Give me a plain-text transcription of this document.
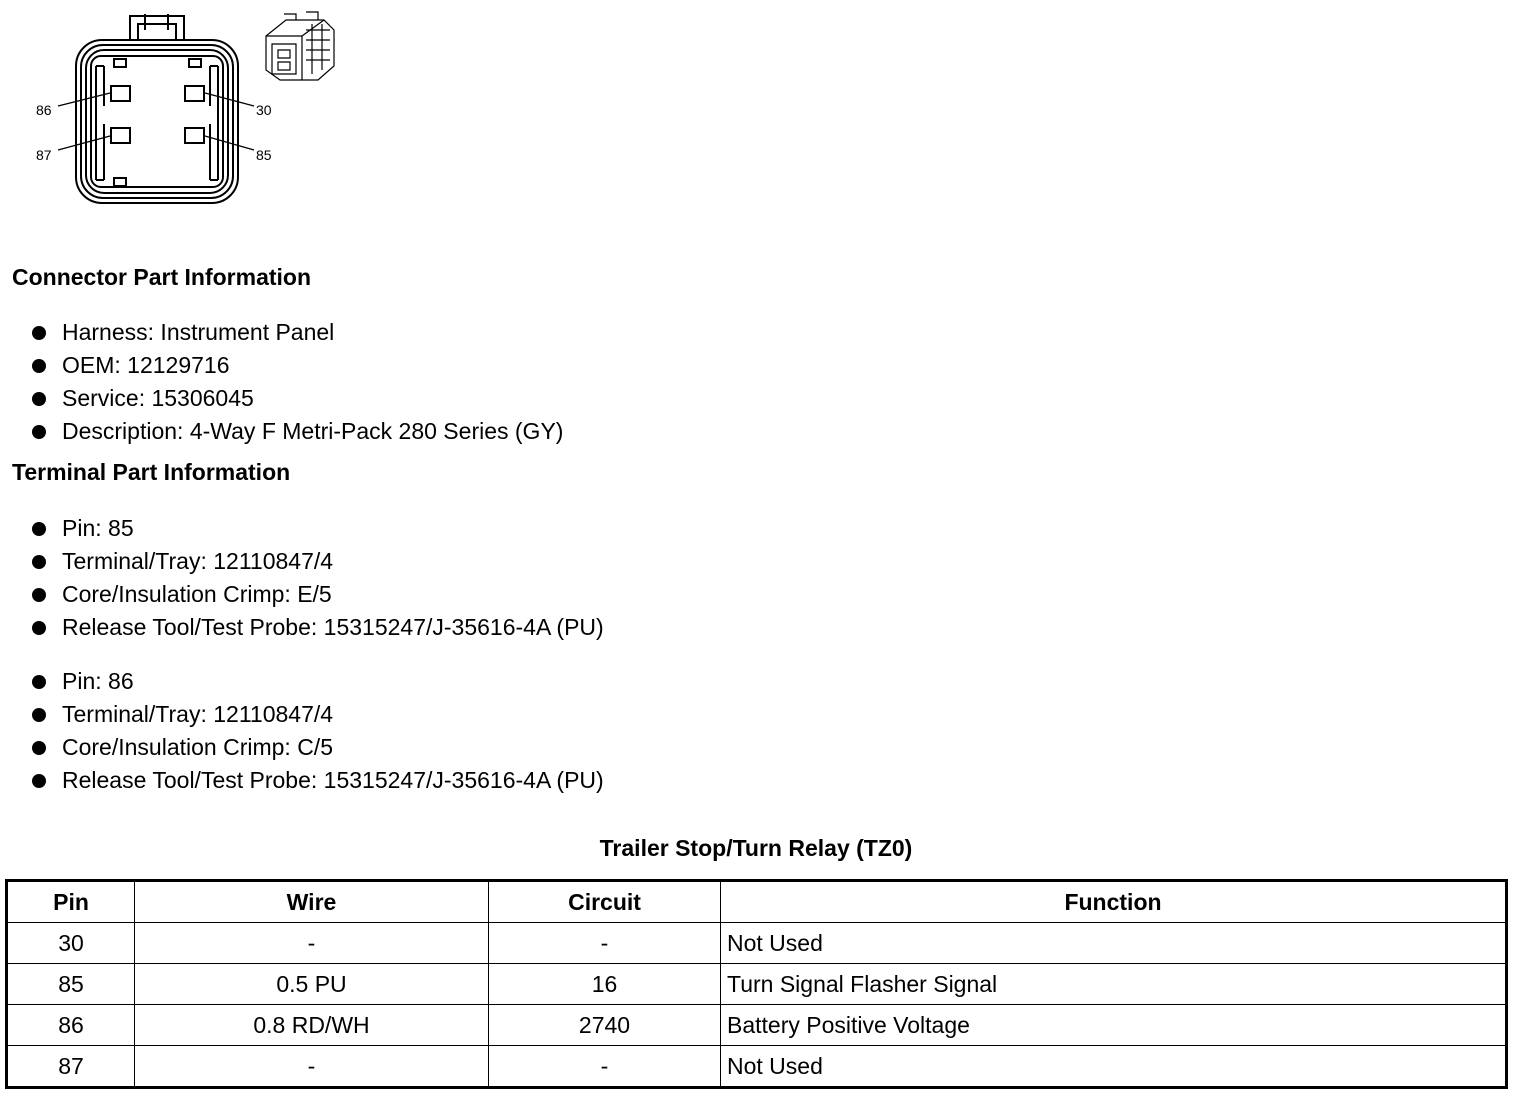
86	30
87	85
Connector Part Information
Harness: Instrument Panel
OEM: 12129716
Service: 15306045
Description: 4-Way F Metri-Pack 280 Series (GY)
Terminal Part Information
Pin: 85
Terminal/Tray: 12110847/4
Core/Insulation Crimp: E/5
Release Tool/Test Probe: 15315247/J-35616-4A (PU)
Pin: 86
Terminal/Tray: 12110847/4
Core/Insulation Crimp: C/5
Release Tool/Test Probe: 15315247/J-35616-4A (PU)
Trailer Stop/Turn Relay (TZ0)
Pin	Wire	Circuit	Function
30	-	-	Not Used
85	0.5 PU	16	Turn Signal Flasher Signal
86	0.8 RD/WH	2740	Battery Positive Voltage
87	-	-	Not Used
